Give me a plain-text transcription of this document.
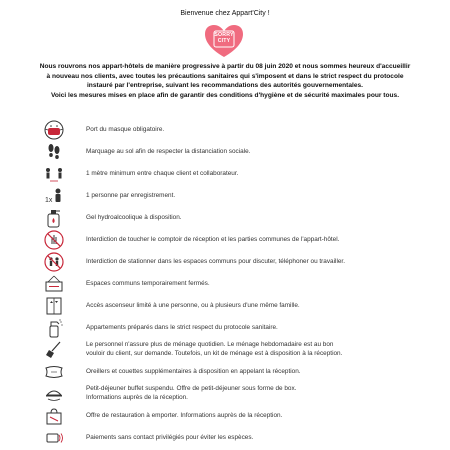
Bienvenue chez Appart'City !
SORRY
CITY
Nous rouvrons nos appart-hôtels de manière progressive à partir du 08 juin 2020 et nous sommes heureux d'accueillir
à nouveau nos clients, avec toutes les précautions sanitaires qui s'imposent et dans le strict respect du protocole
instauré par l'entreprise, suivant les recommandations des autorités gouvernementales.
Voici les mesures mises en place afin de garantir des conditions d'hygiène et de sécurité maximales pour tous.
Port du masque obligatoire.
Marquage au sol afin de respecter la distanciation sociale.
1 mètre minimum entre chaque client et collaborateur.
1x
1 personne par enregistrement.
Gel hydroalcoolique à disposition.
Interdiction de toucher le comptoir de réception et les parties communes de l'appart-hôtel.
Interdiction de stationner dans les espaces communs pour discuter, téléphoner ou travailler.
Espaces communs temporairement fermés.
Accès ascenseur limité à une personne, ou à plusieurs d'une même famille.
Appartements préparés dans le strict respect du protocole sanitaire.
Le personnel n'assure plus de ménage quotidien. Le ménage hebdomadaire est au bon
vouloir du client, sur demande. Toutefois, un kit de ménage est à disposition à la réception.
Oreillers et couettes supplémentaires à disposition en appelant la réception.
Petit-déjeuner buffet suspendu. Offre de petit-déjeuner sous forme de box.
Informations auprès de la réception.
Offre de restauration à emporter. Informations auprès de la réception.
Paiements sans contact privilégiés pour éviter les espèces.
